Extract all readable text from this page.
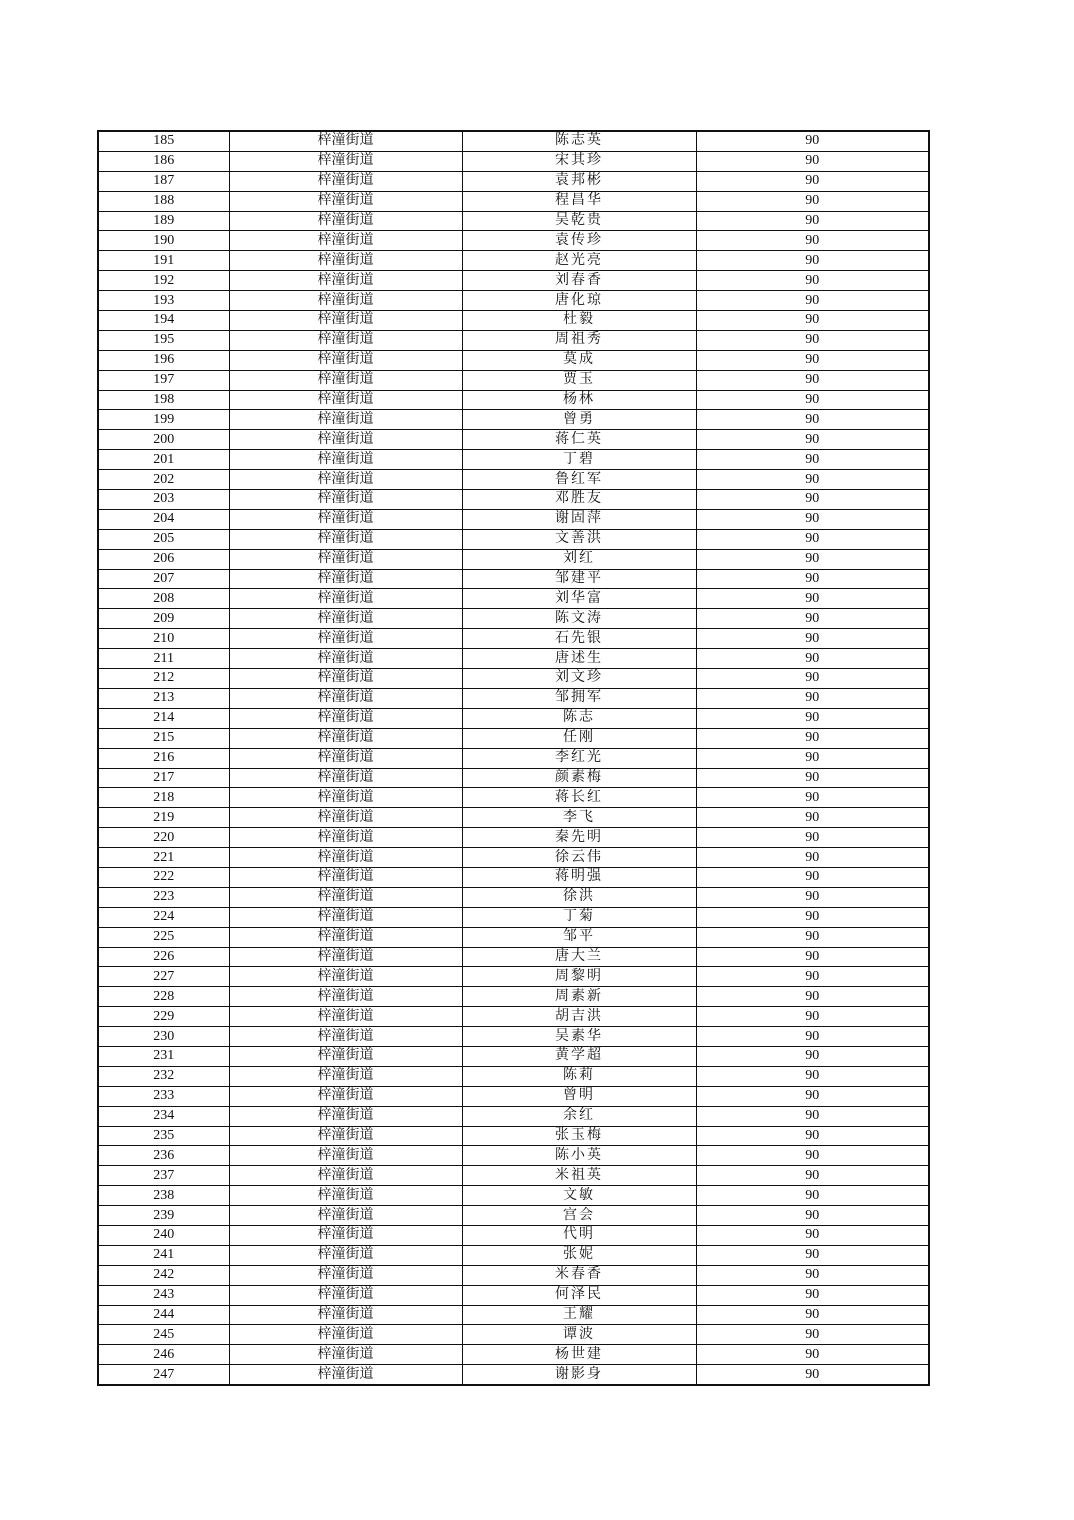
185	梓潼街道	陈志英	90
186	梓潼街道	宋其珍	90
187	梓潼街道	袁邦彬	90
188	梓潼街道	程昌华	90
189	梓潼街道	吴乾贵	90
190	梓潼街道	袁传珍	90
191	梓潼街道	赵光亮	90
192	梓潼街道	刘春香	90
193	梓潼街道	唐化琼	90
194	梓潼街道	杜毅	90
195	梓潼街道	周祖秀	90
196	梓潼街道	莫成	90
197	梓潼街道	贾玉	90
198	梓潼街道	杨林	90
199	梓潼街道	曾勇	90
200	梓潼街道	蒋仁英	90
201	梓潼街道	丁碧	90
202	梓潼街道	鲁红军	90
203	梓潼街道	邓胜友	90
204	梓潼街道	谢固萍	90
205	梓潼街道	文善洪	90
206	梓潼街道	刘红	90
207	梓潼街道	邹建平	90
208	梓潼街道	刘华富	90
209	梓潼街道	陈文涛	90
210	梓潼街道	石先银	90
211	梓潼街道	唐述生	90
212	梓潼街道	刘文珍	90
213	梓潼街道	邹拥军	90
214	梓潼街道	陈志	90
215	梓潼街道	任刚	90
216	梓潼街道	李红光	90
217	梓潼街道	颜素梅	90
218	梓潼街道	蒋长红	90
219	梓潼街道	李飞	90
220	梓潼街道	秦先明	90
221	梓潼街道	徐云伟	90
222	梓潼街道	蒋明强	90
223	梓潼街道	徐洪	90
224	梓潼街道	丁菊	90
225	梓潼街道	邹平	90
226	梓潼街道	唐大兰	90
227	梓潼街道	周黎明	90
228	梓潼街道	周素新	90
229	梓潼街道	胡吉洪	90
230	梓潼街道	吴素华	90
231	梓潼街道	黄学超	90
232	梓潼街道	陈莉	90
233	梓潼街道	曾明	90
234	梓潼街道	余红	90
235	梓潼街道	张玉梅	90
236	梓潼街道	陈小英	90
237	梓潼街道	米祖英	90
238	梓潼街道	文敏	90
239	梓潼街道	宫会	90
240	梓潼街道	代明	90
241	梓潼街道	张妮	90
242	梓潼街道	米春香	90
243	梓潼街道	何泽民	90
244	梓潼街道	王耀	90
245	梓潼街道	谭波	90
246	梓潼街道	杨世建	90
247	梓潼街道	谢影身	90
